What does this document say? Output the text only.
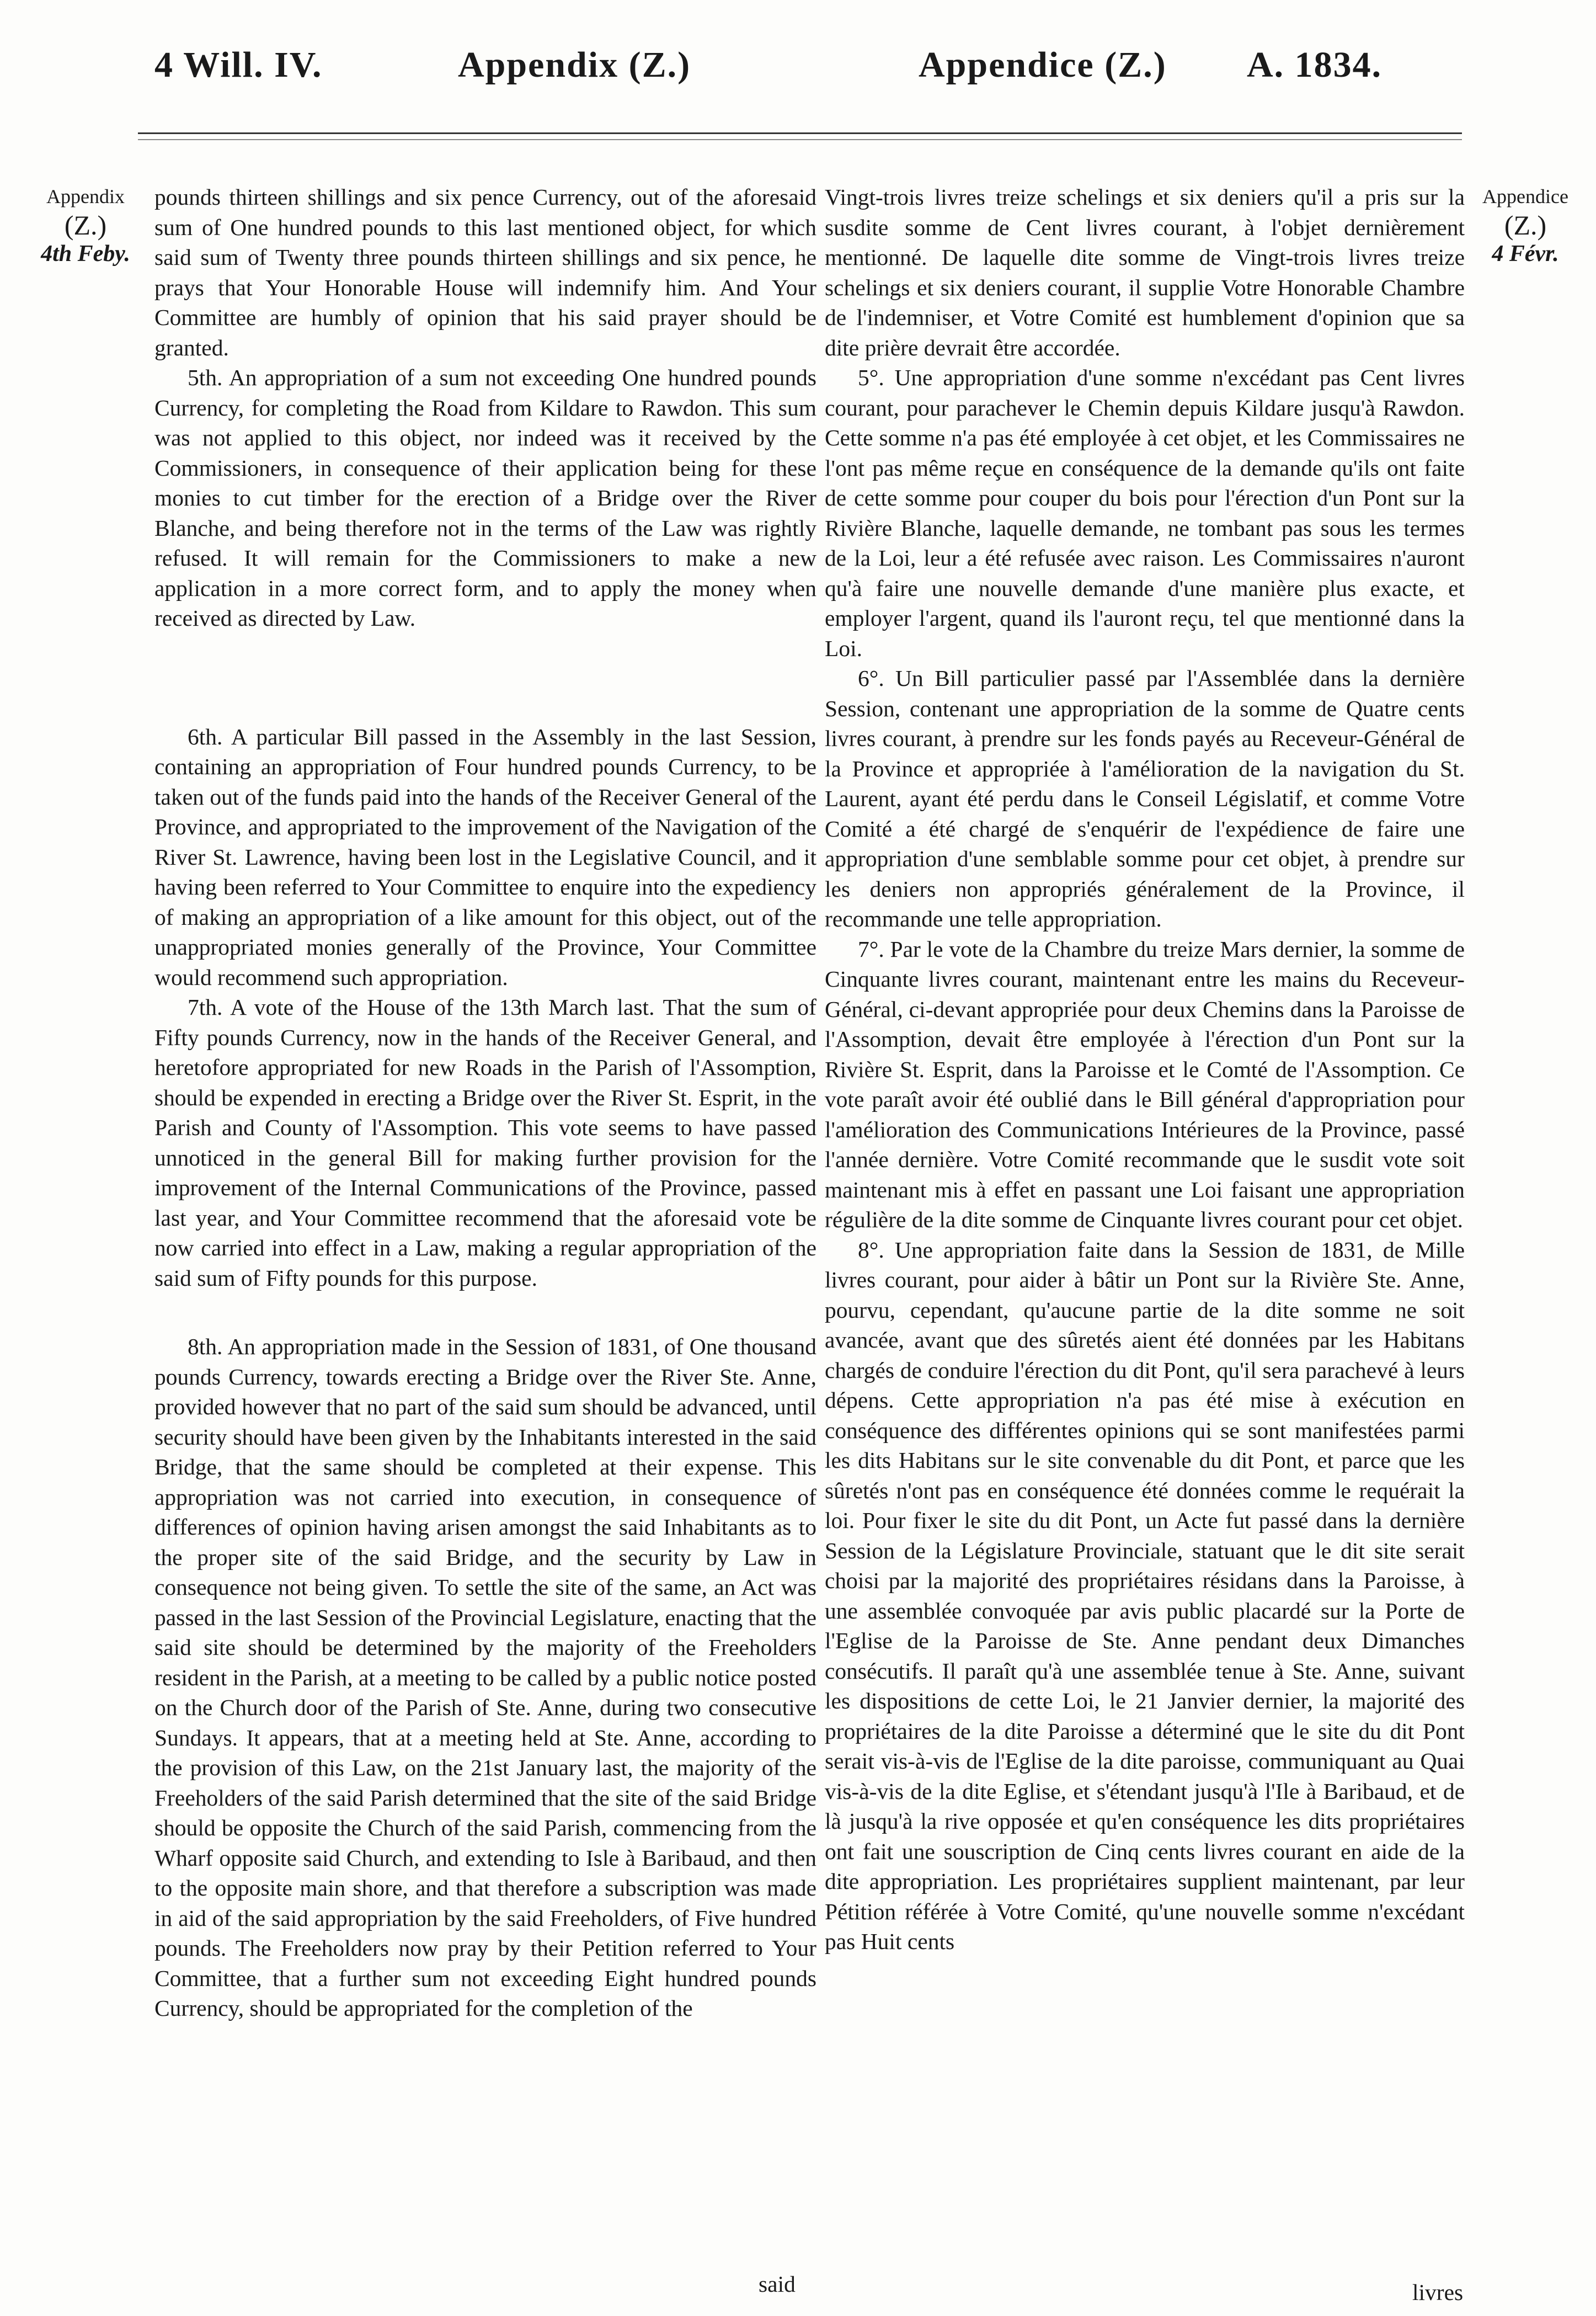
4 Will. IV.	Appendix (Z.)	Appendice (Z.) A. 1834.
Appendix
(Z.)
4th Feby.
Appendice
(Z.)
4 Févr.

pounds thirteen shillings and six pence Currency, out of the aforesaid sum of One hundred pounds to this last mentioned object, for which said sum of Twenty three pounds thirteen shillings and six pence, he prays that Your Honorable House will indemnify him. And Your Committee are humbly of opinion that his said prayer should be granted.

5th. An appropriation of a sum not exceeding One hundred pounds Currency, for completing the Road from Kildare to Rawdon. This sum was not applied to this object, nor indeed was it received by the Commissioners, in consequence of their application being for these monies to cut timber for the erection of a Bridge over the River Blanche, and being therefore not in the terms of the Law was rightly refused. It will remain for the Commissioners to make a new application in a more correct form, and to apply the money when received as directed by Law.

6th. A particular Bill passed in the Assembly in the last Session, containing an appropriation of Four hundred pounds Currency, to be taken out of the funds paid into the hands of the Receiver General of the Province, and appropriated to the improvement of the Navigation of the River St. Lawrence, having been lost in the Legislative Council, and it having been referred to Your Committee to enquire into the expediency of making an appropriation of a like amount for this object, out of the unappropriated monies generally of the Province, Your Committee would recommend such appropriation.

7th. A vote of the House of the 13th March last. That the sum of Fifty pounds Currency, now in the hands of the Receiver General, and heretofore appropriated for new Roads in the Parish of l'Assomption, should be expended in erecting a Bridge over the River St. Esprit, in the Parish and County of l'Assomption. This vote seems to have passed unnoticed in the general Bill for making further provision for the improvement of the Internal Communications of the Province, passed last year, and Your Committee recommend that the aforesaid vote be now carried into effect in a Law, making a regular appropriation of the said sum of Fifty pounds for this purpose.

8th. An appropriation made in the Session of 1831, of One thousand pounds Currency, towards erecting a Bridge over the River Ste. Anne, provided however that no part of the said sum should be advanced, until security should have been given by the Inhabitants interested in the said Bridge, that the same should be completed at their expense. This appropriation was not carried into execution, in consequence of differences of opinion having arisen amongst the said Inhabitants as to the proper site of the said Bridge, and the security by Law in consequence not being given. To settle the site of the same, an Act was passed in the last Session of the Provincial Legislature, enacting that the said site should be determined by the majority of the Freeholders resident in the Parish, at a meeting to be called by a public notice posted on the Church door of the Parish of Ste. Anne, during two consecutive Sundays. It appears, that at a meeting held at Ste. Anne, according to the provision of this Law, on the 21st January last, the majority of the Freeholders of the said Parish determined that the site of the said Bridge should be opposite the Church of the said Parish, commencing from the Wharf opposite said Church, and extending to Isle à Baribaud, and then to the opposite main shore, and that therefore a subscription was made in aid of the said appropriation by the said Freeholders, of Five hundred pounds. The Freeholders now pray by their Petition referred to Your Committee, that a further sum not exceeding Eight hundred pounds Currency, should be appropriated for the completion of the

Vingt-trois livres treize schelings et six deniers qu'il a pris sur la susdite somme de Cent livres courant, à l'objet dernièrement mentionné. De laquelle dite somme de Vingt-trois livres treize schelings et six deniers courant, il supplie Votre Honorable Chambre de l'indemniser, et Votre Comité est humblement d'opinion que sa dite prière devrait être accordée.

5°. Une appropriation d'une somme n'excédant pas Cent livres courant, pour parachever le Chemin depuis Kildare jusqu'à Rawdon. Cette somme n'a pas été employée à cet objet, et les Commissaires ne l'ont pas même reçue en conséquence de la demande qu'ils ont faite de cette somme pour couper du bois pour l'érection d'un Pont sur la Rivière Blanche, laquelle demande, ne tombant pas sous les termes de la Loi, leur a été refusée avec raison. Les Commissaires n'auront qu'à faire une nouvelle demande d'une manière plus exacte, et employer l'argent, quand ils l'auront reçu, tel que mentionné dans la Loi.

6°. Un Bill particulier passé par l'Assemblée dans la dernière Session, contenant une appropriation de la somme de Quatre cents livres courant, à prendre sur les fonds payés au Receveur-Général de la Province et appropriée à l'amélioration de la navigation du St. Laurent, ayant été perdu dans le Conseil Législatif, et comme Votre Comité a été chargé de s'enquérir de l'expédience de faire une appropriation d'une semblable somme pour cet objet, à prendre sur les deniers non appropriés généralement de la Province, il recommande une telle appropriation.

7°. Par le vote de la Chambre du treize Mars dernier, la somme de Cinquante livres courant, maintenant entre les mains du Receveur-Général, ci-devant appropriée pour deux Chemins dans la Paroisse de l'Assomption, devait être employée à l'érection d'un Pont sur la Rivière St. Esprit, dans la Paroisse et le Comté de l'Assomption. Ce vote paraît avoir été oublié dans le Bill général d'appropriation pour l'amélioration des Communications Intérieures de la Province, passé l'année dernière. Votre Comité recommande que le susdit vote soit maintenant mis à effet en passant une Loi faisant une appropriation régulière de la dite somme de Cinquante livres courant pour cet objet.

8°. Une appropriation faite dans la Session de 1831, de Mille livres courant, pour aider à bâtir un Pont sur la Rivière Ste. Anne, pourvu, cependant, qu'aucune partie de la dite somme ne soit avancée, avant que des sûretés aient été données par les Habitans chargés de conduire l'érection du dit Pont, qu'il sera parachevé à leurs dépens. Cette appropriation n'a pas été mise à exécution en conséquence des différentes opinions qui se sont manifestées parmi les dits Habitans sur le site convenable du dit Pont, et parce que les sûretés n'ont pas en conséquence été données comme le requérait la loi. Pour fixer le site du dit Pont, un Acte fut passé dans la dernière Session de la Législature Provinciale, statuant que le dit site serait choisi par la majorité des propriétaires résidans dans la Paroisse, à une assemblée convoquée par avis public placardé sur la Porte de l'Eglise de la Paroisse de Ste. Anne pendant deux Dimanches consécutifs. Il paraît qu'à une assemblée tenue à Ste. Anne, suivant les dispositions de cette Loi, le 21 Janvier dernier, la majorité des propriétaires de la dite Paroisse a déterminé que le site du dit Pont serait vis-à-vis de l'Eglise de la dite paroisse, communiquant au Quai vis-à-vis de la dite Eglise, et s'étendant jusqu'à l'Ile à Baribaud, et de là jusqu'à la rive opposée et qu'en conséquence les dits propriétaires ont fait une souscription de Cinq cents livres courant en aide de la dite appropriation. Les propriétaires supplient maintenant, par leur Pétition référée à Votre Comité, qu'une nouvelle somme n'excédant pas Huit cents

said	livres
